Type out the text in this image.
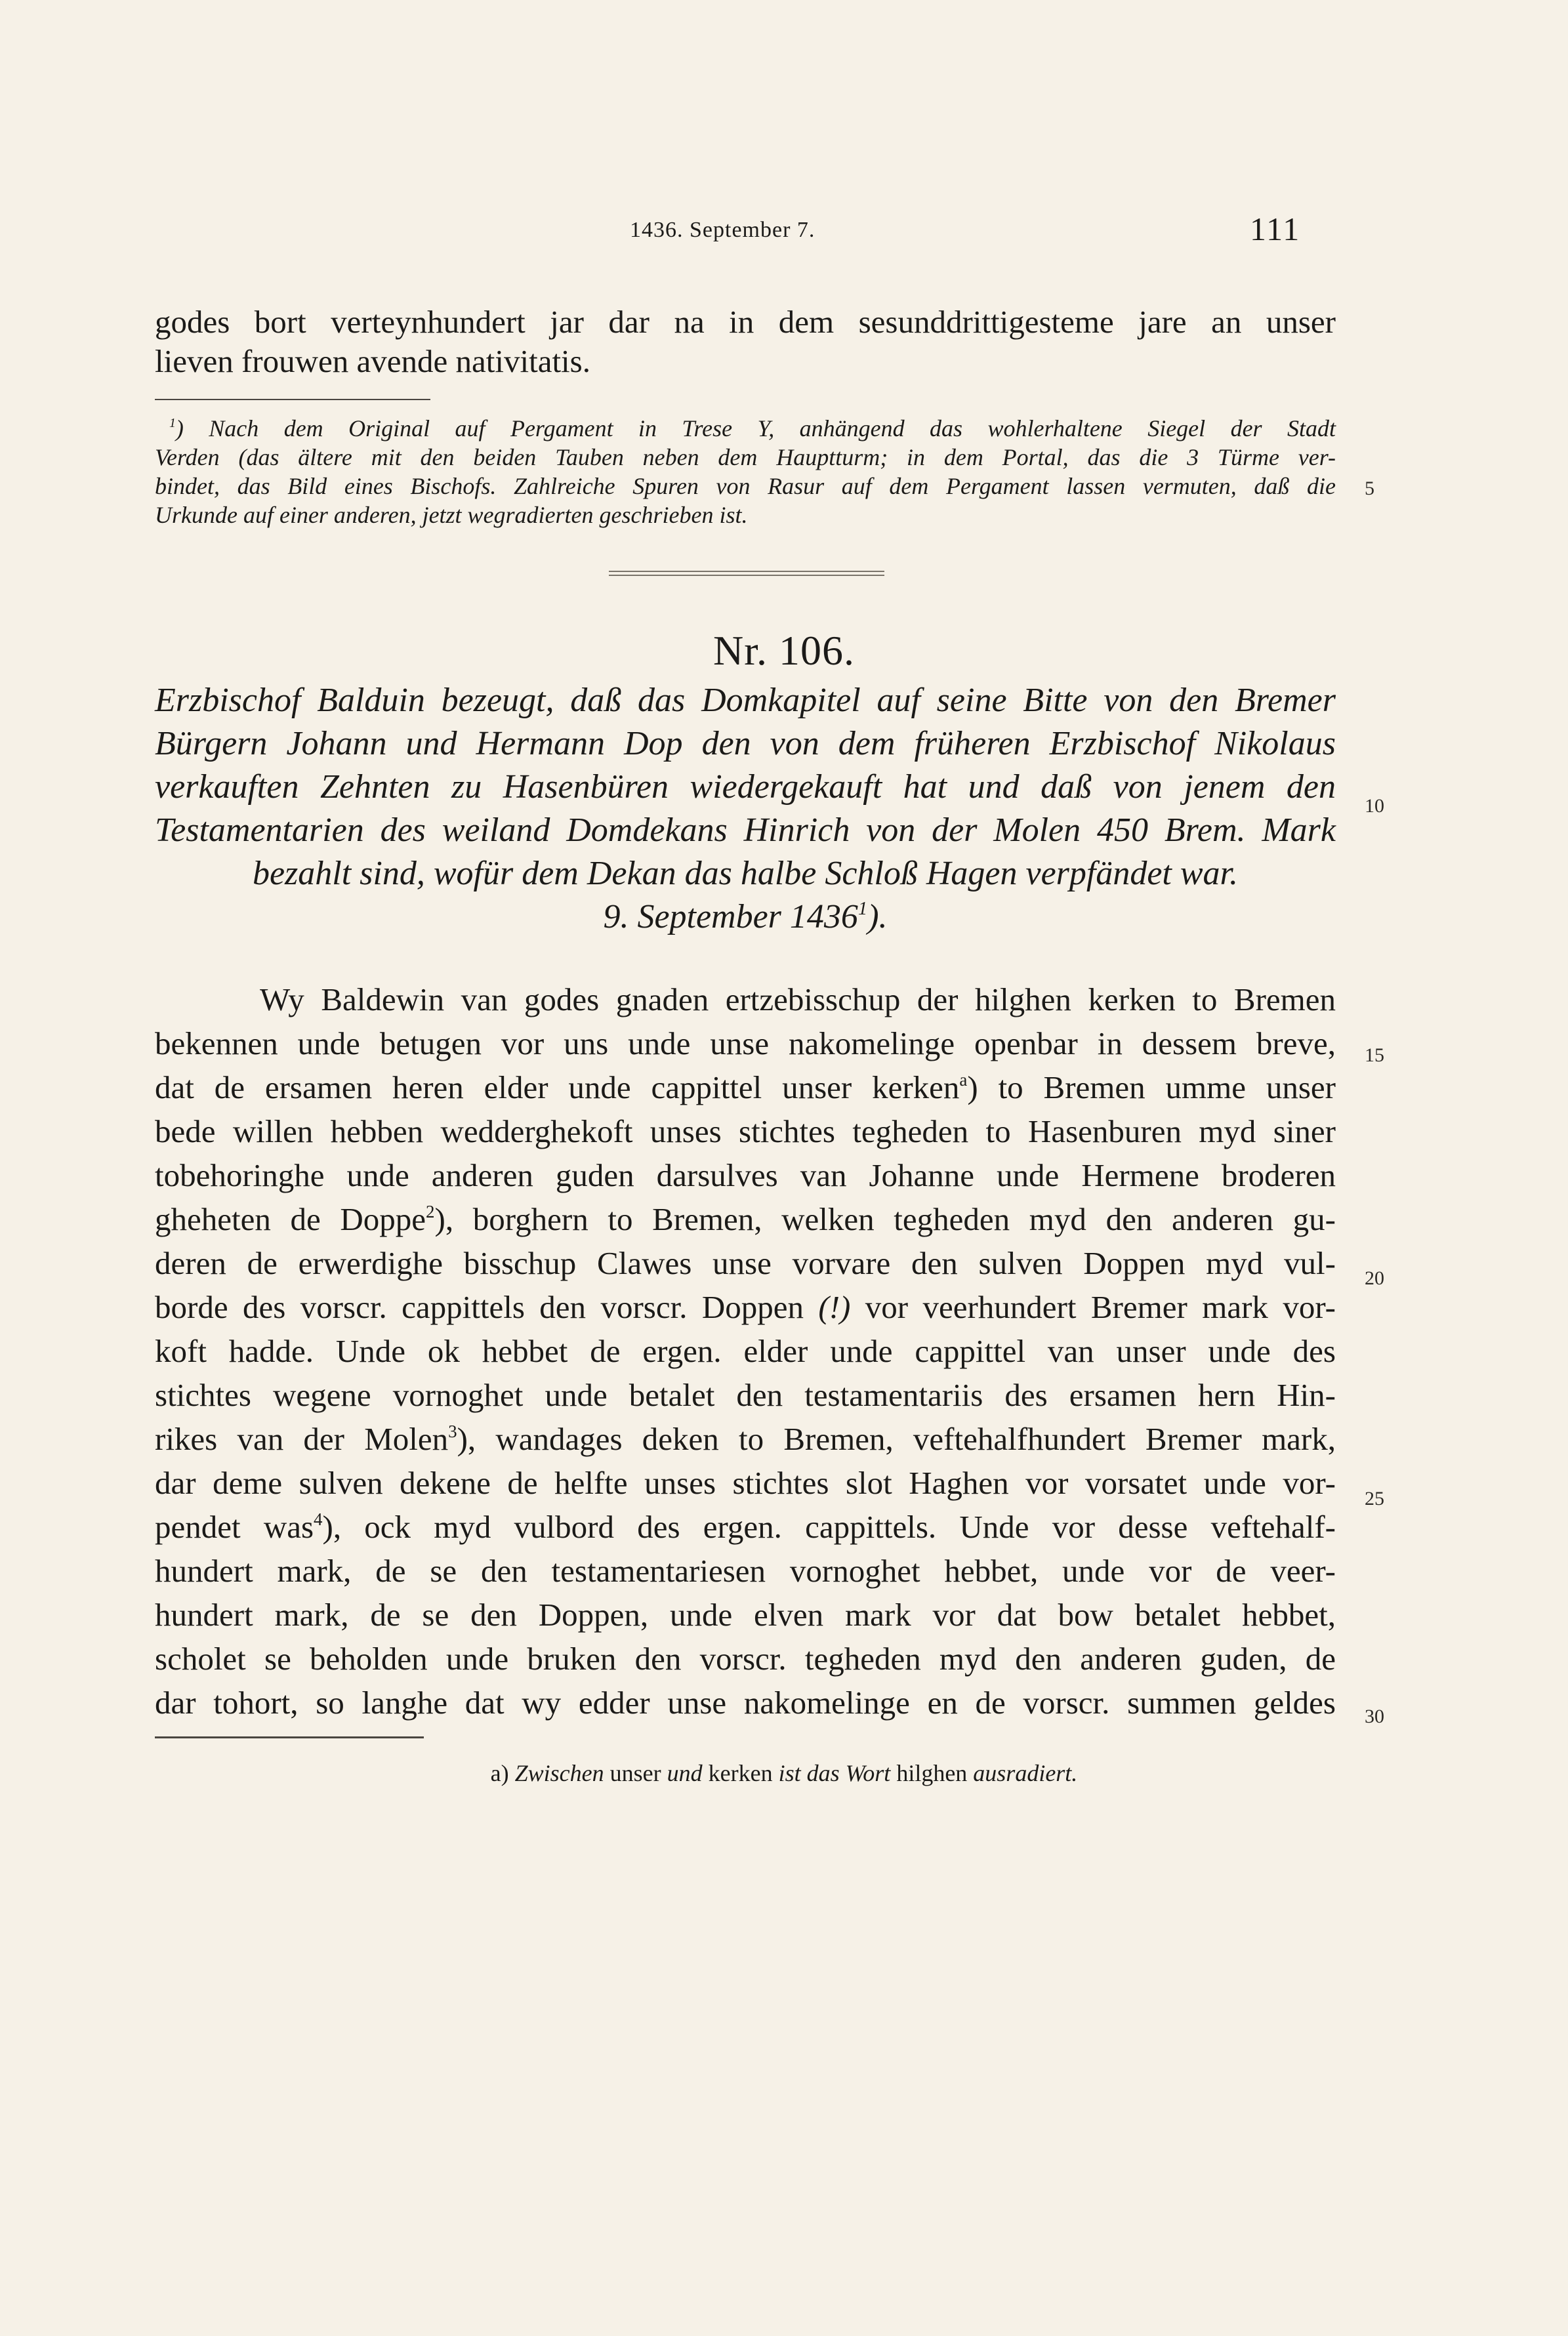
1436. September 7.	111
godes bort verteynhundert jar dar na in dem sesunddrittigesteme jare an unser
lieven frouwen avende nativitatis.
$^1$) Nach dem Original auf Pergament in Trese Y, anhängend das wohlerhaltene Siegel der Stadt
Verden (das ältere mit den beiden Tauben neben dem Hauptturm; in dem Portal, das die 3 Türme ver-
bindet, das Bild eines Bischofs. Zahlreiche Spuren von Rasur auf dem Pergament lassen vermuten, daß die
Urkunde auf einer anderen, jetzt wegradierten geschrieben ist.
5
Nr. 106.
Erzbischof Balduin bezeugt, daß das Domkapitel auf seine Bitte von den Bremer
Bürgern Johann und Hermann Dop den von dem früheren Erzbischof Nikolaus
verkauften Zehnten zu Hasenbüren wiedergekauft hat und daß von jenem den
Testamentarien des weiland Domdekans Hinrich von der Molen 450 Brem. Mark
bezahlt sind, wofür dem Dekan das halbe Schloß Hagen verpfändet war.
9. September 1436$^1$).
10
Wy Baldewin van godes gnaden ertzebisschup der hilghen kerken to Bremen
bekennen unde betugen vor uns unde unse nakomelinge openbar in dessem breve,
dat de ersamen heren elder unde cappittel unser kerken$^a$) to Bremen umme unser
bede willen hebben wedderghekoft unses stichtes tegheden to Hasenburen myd siner
tobehoringhe unde anderen guden darsulves van Johanne unde Hermene broderen
gheheten de Doppe$^2$), borghern to Bremen, welken tegheden myd den anderen gu-
deren de erwerdighe bisschup Clawes unse vorvare den sulven Doppen myd vul-
borde des vorscr. cappittels den vorscr. Doppen (!) vor veerhundert Bremer mark vor-
koft hadde. Unde ok hebbet de ergen. elder unde cappittel van unser unde des
stichtes wegene vornoghet unde betalet den testamentariis des ersamen hern Hin-
rikes van der Molen$^3$), wandages deken to Bremen, veftehalfhundert Bremer mark,
dar deme sulven dekene de helfte unses stichtes slot Haghen vor vorsatet unde vor-
pendet was$^4$), ock myd vulbord des ergen. cappittels. Unde vor desse veftehalf-
hundert mark, de se den testamentariesen vornoghet hebbet, unde vor de veer-
hundert mark, de se den Doppen, unde elven mark vor dat bow betalet hebbet,
scholet se beholden unde bruken den vorscr. tegheden myd den anderen guden, de
dar tohort, so langhe dat wy edder unse nakomelinge en de vorscr. summen geldes
15
20
25
30
a) Zwischen unser und kerken ist das Wort hilghen ausradiert.
